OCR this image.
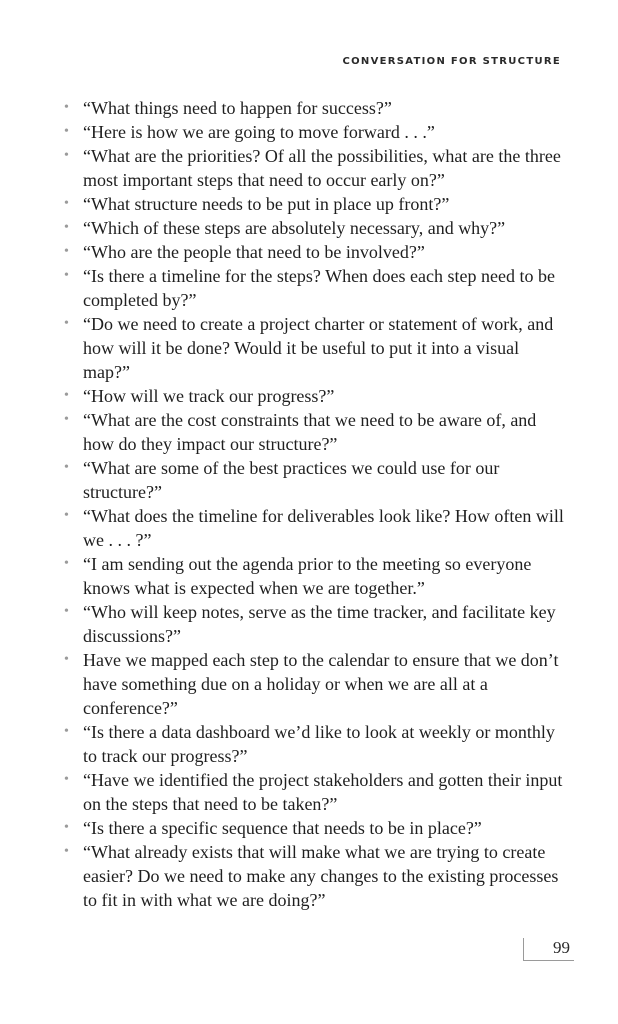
CONVERSATION FOR STRUCTURE
• “What things need to happen for success?”
• “Here is how we are going to move forward . . .”
• “What are the priorities? Of all the possibilities, what are the three most important steps that need to occur early on?”
• “What structure needs to be put in place up front?”
• “Which of these steps are absolutely necessary, and why?”
• “Who are the people that need to be involved?”
• “Is there a timeline for the steps? When does each step need to be completed by?”
• “Do we need to create a project charter or statement of work, and how will it be done? Would it be useful to put it into a visual map?”
• “How will we track our progress?”
• “What are the cost constraints that we need to be aware of, and how do they impact our structure?”
• “What are some of the best practices we could use for our structure?”
• “What does the timeline for deliverables look like? How often will we . . . ?”
• “I am sending out the agenda prior to the meeting so everyone knows what is expected when we are together.”
• “Who will keep notes, serve as the time tracker, and facilitate key discussions?”
• Have we mapped each step to the calendar to ensure that we don’t have something due on a holiday or when we are all at a conference?”
• “Is there a data dashboard we’d like to look at weekly or monthly to track our progress?”
• “Have we identified the project stakeholders and gotten their input on the steps that need to be taken?”
• “Is there a specific sequence that needs to be in place?”
• “What already exists that will make what we are trying to create easier? Do we need to make any changes to the existing processes to fit in with what we are doing?”
99
